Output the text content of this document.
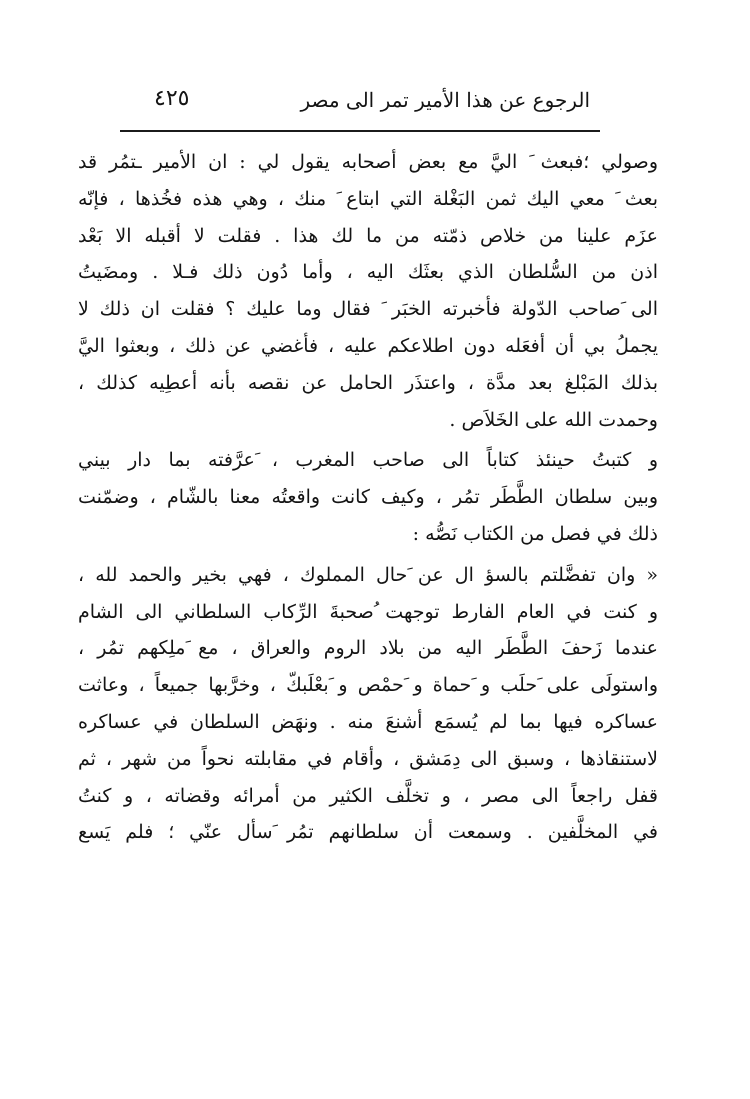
الرجوع عن هذا الأمير تمر الى مصر
٤٢٥
وصولي ؛فبعث َ اليَّ مع بعض أصحابه يقول لي : ان الأمير ـتمُر قد
بعث َ معي اليك ثمن البَغْلة التي ابتاع َ منك ، وهي هذه فخُذها ، فإنّه
َعزَم علينا من خلاص ذمّته من ما لك هذا . فقلت لا أقبله الا بَعْد
اذن من السُّلطان الذي بعثَك اليه ، وأما دُون ذلك فـلا . ومضَيتُ
الى َصاحب الدّولة فأخبرته الخبَر َ فقال وما عليك ؟ فقلت ان ذلك لا
َيجملُ بي أن أفعَله دون اطلاعكم عليه ، فأغضي عن ذلك ، وبعثوا اليَّ
بذلك المَبْلغ بعد مدَّة ، واعتذَر الحامل عن نقصه بأنه أعطِيه كذلك ،
وحمدت الله على الخَلاَص .
و كتبتُ حينئذ كتاباً الى صاحب المغرب ، َعرَّفته بما دار بيني
وبين سلطان الطَّطَر تمُر ، وكيف كانت واقعتُه معنا بالشّام ، وضمّنت
ذلك في فصل من الكتاب نَصُّه :
« وان تفضَّلتم بالسؤ ال عن َحال المملوك ، فهي بخير والحمد لله ،
و كنت في العام الفارط توجهت ُصحبةَ الرِّكاب السلطاني الى الشام
عندما زَحفَ الطَّطَر اليه من بلاد الروم والعراق ، مع َملِكهم تمُر ،
واستولَى على َحلَب و َحماة و َحمْص و َبعْلَبكّ ، وخرَّبها جميعاً ، وعاثت
َعساكره فيها بما لم يُسمَع أشنعَ منه . ونهَض السلطان في عساكره
لاستنقاذها ، وسبق الى دِمَشق ، وأقام في مقابلته نحواً من شهر ، ثم
قفل راجعاً الى مصر ، و تخلَّف الكثير من أمرائه وقضاته ، و كنتُ
في المخلَّفين . وسمعت أن سلطانهم تمُر َسأل عنّي ؛ فلم يَسع
